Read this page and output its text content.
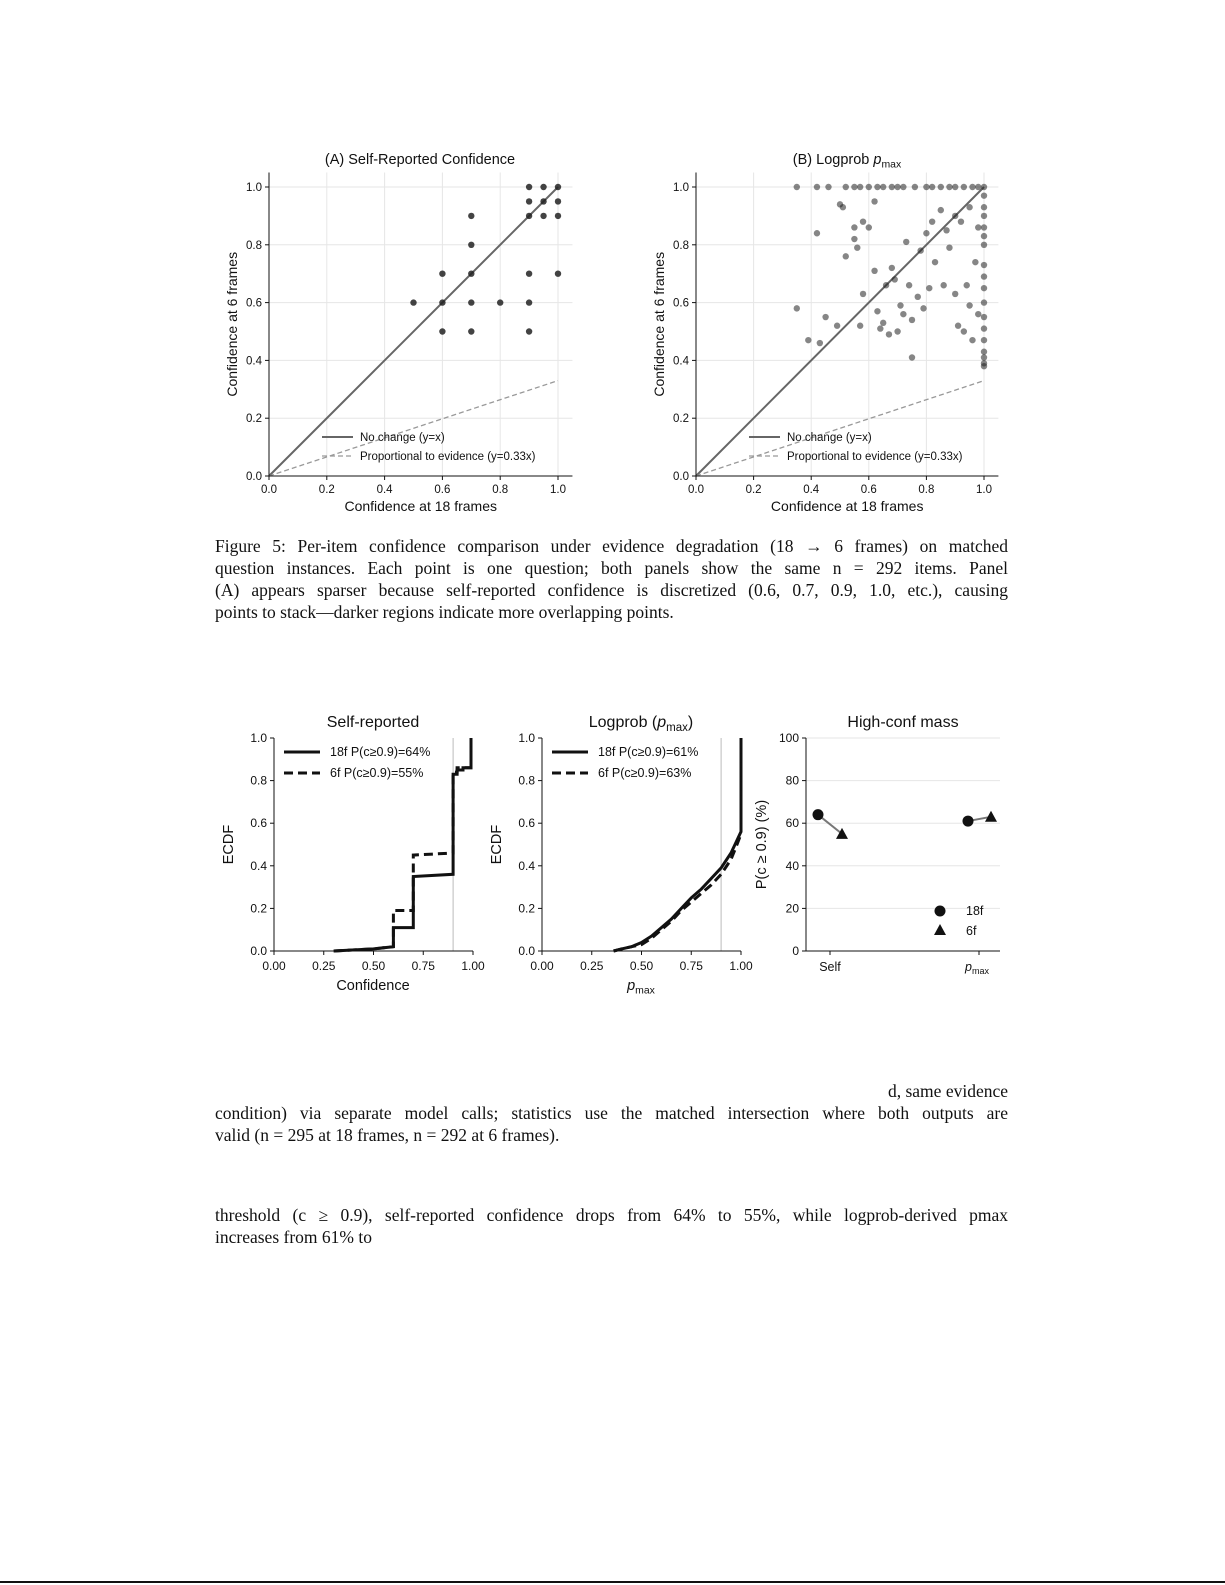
0.0
0.0
0.2
0.2
0.4
0.4
0.6
0.6
0.8
0.8
1.0
1.0
Confidence at 18 frames
Confidence at 6 frames
No change (y=x)
Proportional to evidence (y=0.33x)
(A) Self-Reported Confidence
0.0
0.0
0.2
0.2
0.4
0.4
0.6
0.6
0.8
0.8
1.0
1.0
Confidence at 18 frames
Confidence at 6 frames
No change (y=x)
Proportional to evidence (y=0.33x)
(B) Logprob $p_{max}$
0.0
0.2
0.4
0.6
0.8
1.0
0.00 0.25 0.50 0.75 1.00
ECDF
18f P(c≥0.9)=64%
6f P(c≥0.9)=55%
Self-reported
Confidence
0.0
0.2
0.4
0.6
0.8
1.0
0.00 0.25 0.50 0.75 1.00
ECDF
18f P(c≥0.9)=61%
6f P(c≥0.9)=63%
Logprob $(p_{max})$
$p_{max}$
0
20
40
60
80
100
Self	$p_{max}$
P(c ≥ 0.9) (%)
High-conf mass
18f
6f
Figure 5: Per-item confidence comparison under evidence degradation (18 → 6 frames) on matched
question instances. Each point is one question; both panels show the same n = 292 items. Panel
(A) appears sparser because self-reported confidence is discretized (0.6, 0.7, 0.9, 1.0, etc.), causing
points to stack—darker regions indicate more overlapping points.
d, same evidence
condition) via separate model calls; statistics use the matched intersection where both outputs are
valid (n = 295 at 18 frames, n = 292 at 6 frames).
threshold (c ≥ 0.9), self-reported confidence drops from 64% to 55%, while logprob-derived pmax
increases from 61% to
